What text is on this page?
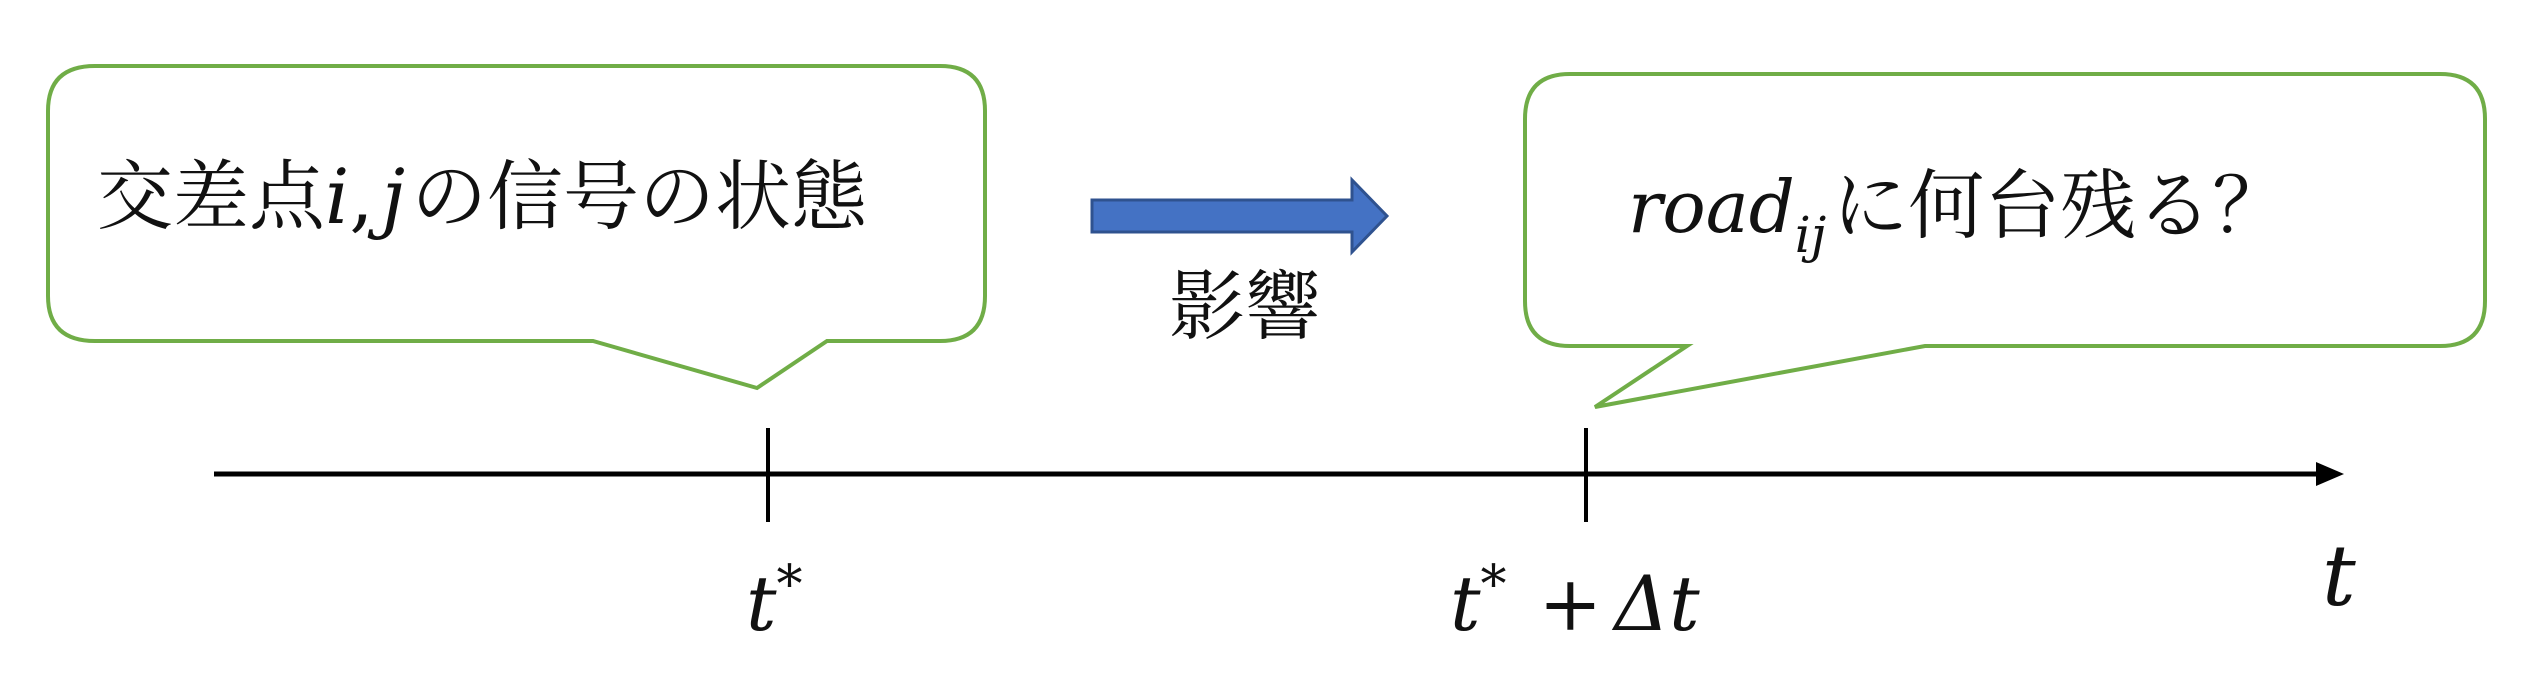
交差点i, jの信号の状態	road$_{ij}$に何台残る？
影響
t*	t* + Δt	t
